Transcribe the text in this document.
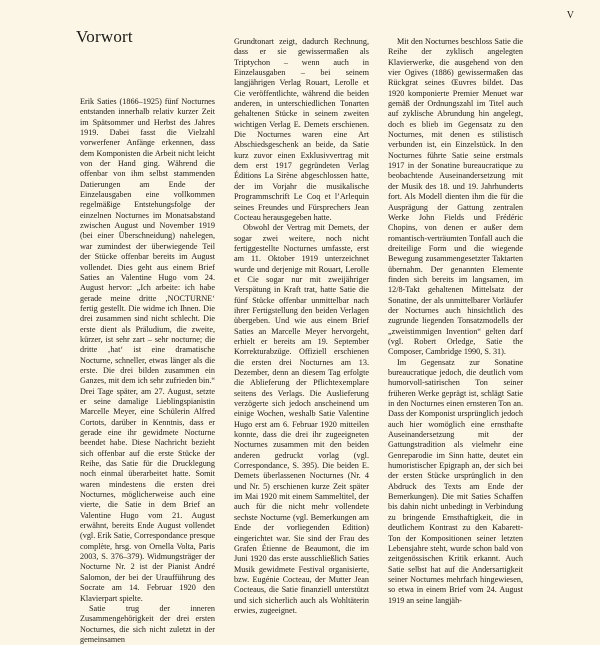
V
Vorwort

Erik Saties (1866–1925) fünf Nocturnes entstanden innerhalb relativ kurzer Zeit im Spätsommer und Herbst des Jahres 1919. Dabei fasst die Vielzahl vorwerfener Anfänge erkennen, dass dem Komponisten die Arbeit nicht leicht von der Hand ging. Während die offenbar von ihm selbst stammenden Datierungen am Ende der Einzelausgaben eine vollkommen regelmäßige Entstehungsfolge der einzelnen Nocturnes im Monatsabstand zwischen August und November 1919 (bei einer Überschneidung) nahelegen, war zumindest der überwiegende Teil der Stücke offenbar bereits im August vollendet. Dies geht aus einem Brief Saties an Valentine Hugo vom 24. August hervor: „Ich arbeite: ich habe gerade meine dritte ‚NOCTURNE‘ fertig gestellt. Die widme ich Ihnen. Die drei zusammen sind nicht schlecht. Die erste dient als Präludium, die zweite, kürzer, ist sehr zart – sehr nocturne; die dritte ‚hat‘ ist eine dramatische Nocturne, schneller, etwas länger als die erste. Die drei bilden zusammen ein Ganzes, mit dem ich sehr zufrieden bin.“ Drei Tage später, am 27. August, setzte er seine damalige Lieblingspianistin Marcelle Meyer, eine Schülerin Alfred Cortots, darüber in Kenntnis, dass er gerade eine ihr gewidmete Nocturne beendet habe. Diese Nachricht bezieht sich offenbar auf die erste Stücke der Reihe, das Satie für die Drucklegung noch einmal überarbeitet hatte. Somit waren mindestens die ersten drei Nocturnes, möglicherweise auch eine vierte, die Satie in dem Brief an Valentine Hugo vom 21. August erwähnt, bereits Ende August vollendet (vgl. Erik Satie, Correspondance presque complète, hrsg. von Ornella Volta, Paris 2003, S. 376–379). Widmungsträger der Nocturne Nr. 2 ist der Pianist André Salomon, der bei der Uraufführung des Socrate am 14. Februar 1920 den Klavierpart spielte.

Satie trug der inneren Zusammengehörigkeit der drei ersten Nocturnes, die sich nicht zuletzt in der gemeinsamen

Grundtonart zeigt, dadurch Rechnung, dass er sie gewissermaßen als Triptychon – wenn auch in Einzelausgaben – bei seinem langjährigen Verlag Rouart, Lerolle et Cie veröffentlichte, während die beiden anderen, in unterschiedlichen Tonarten gehaltenen Stücke in seinem zweiten wichtigen Verlag E. Demets erschienen. Die Nocturnes waren eine Art Abschiedsgeschenk an beide, da Satie kurz zuvor einen Exklusivvertrag mit dem erst 1917 gegründeten Verlag Éditions La Sirène abgeschlossen hatte, der im Vorjahr die musikalische Programmschrift Le Coq et l’Arlequin seines Freundes und Fürsprechers Jean Cocteau herausgegeben hatte.

Obwohl der Vertrag mit Demets, der sogar zwei weitere, noch nicht fertiggestellte Nocturnes umfasste, erst am 11. Oktober 1919 unterzeichnet wurde und derjenige mit Rouart, Lerolle et Cie sogar nur mit zweijähriger Verspätung in Kraft trat, hatte Satie die fünf Stücke offenbar unmittelbar nach ihrer Fertigstellung den beiden Verlagen übergeben. Und wie aus einem Brief Saties an Marcelle Meyer hervorgeht, erhielt er bereits am 19. September Korrekturabzüge. Offiziell erschienen die ersten drei Nocturnes am 13. Dezember, denn an diesem Tag erfolgte die Ablieferung der Pflichtexemplare seitens des Verlags. Die Auslieferung verzögerte sich jedoch anscheinend um einige Wochen, weshalb Satie Valentine Hugo erst am 6. Februar 1920 mitteilen konnte, dass die drei ihr zugeeigneten Nocturnes zusammen mit den beiden anderen gedruckt vorlag (vgl. Correspondance, S. 395). Die beiden E. Demets überlassenen Nocturnes (Nr. 4 und Nr. 5) erschienen kurze Zeit später im Mai 1920 mit einem Sammeltitel, der auch für die nicht mehr vollendete sechste Nocturne (vgl. Bemerkungen am Ende der vorliegenden Edition) eingerichtet war. Sie sind der Frau des Grafen Étienne de Beaumont, die im Juni 1920 das erste ausschließlich Saties Musik gewidmete Festival organisierte, bzw. Eugénie Cocteau, der Mutter Jean Cocteaus, die Satie finanziell unterstützt und sich sicherlich auch als Wohltäterin erwies, zugeeignet.

Mit den Nocturnes beschloss Satie die Reihe der zyklisch angelegten Klavierwerke, die ausgehend von den vier Ogives (1886) gewissermaßen das Rückgrat seines Œuvres bildet. Das 1920 komponierte Premier Menuet war gemäß der Ordnungszahl im Titel auch auf zyklische Abrundung hin angelegt, doch es blieb im Gegensatz zu den Nocturnes, mit denen es stilistisch verbunden ist, ein Einzelstück. In den Nocturnes führte Satie seine erstmals 1917 in der Sonatine bureaucratique zu beobachtende Auseinandersetzung mit der Musik des 18. und 19. Jahrhunderts fort. Als Modell dienten ihm die für die Ausprägung der Gattung zentralen Werke John Fields und Frédéric Chopins, von denen er außer dem romantisch-verträumten Tonfall auch die dreiteilige Form und die wiegende Bewegung zusammengesetzter Taktarten übernahm. Der genannten Elemente finden sich bereits im langsamen, im 12/8-Takt gehaltenen Mittelsatz der Sonatine, der als unmittelbarer Vorläufer der Nocturnes auch hinsichtlich des zugrunde liegenden Tonsatzmodells der „zweistimmigen Invention“ gelten darf (vgl. Robert Orledge, Satie the Composer, Cambridge 1990, S. 31).

Im Gegensatz zur Sonatine bureaucratique jedoch, die deutlich vom humorvoll-satirischen Ton seiner früheren Werke geprägt ist, schlägt Satie in den Nocturnes einen ernsteren Ton an. Dass der Komponist ursprünglich jedoch auch hier womöglich eine ernsthafte Auseinandersetzung mit der Gattungstradition als vielmehr eine Genreparodie im Sinn hatte, deutet ein humoristischer Epigraph an, der sich bei der ersten Stücke ursprünglich in den Abdruck des Texts am Ende der Bemerkungen). Die mit Saties Schaffen bis dahin nicht unbedingt in Verbindung zu bringende Ernsthaftigkeit, die in deutlichem Kontrast zu den Kabarett-Ton der Kompositionen seiner letzten Lebensjahre steht, wurde schon bald von zeitgenössischen Kritik erkannt. Auch Satie selbst hat auf die Andersartigkeit seiner Nocturnes mehrfach hingewiesen, so etwa in einem Brief vom 24. August 1919 an seine langjäh-
